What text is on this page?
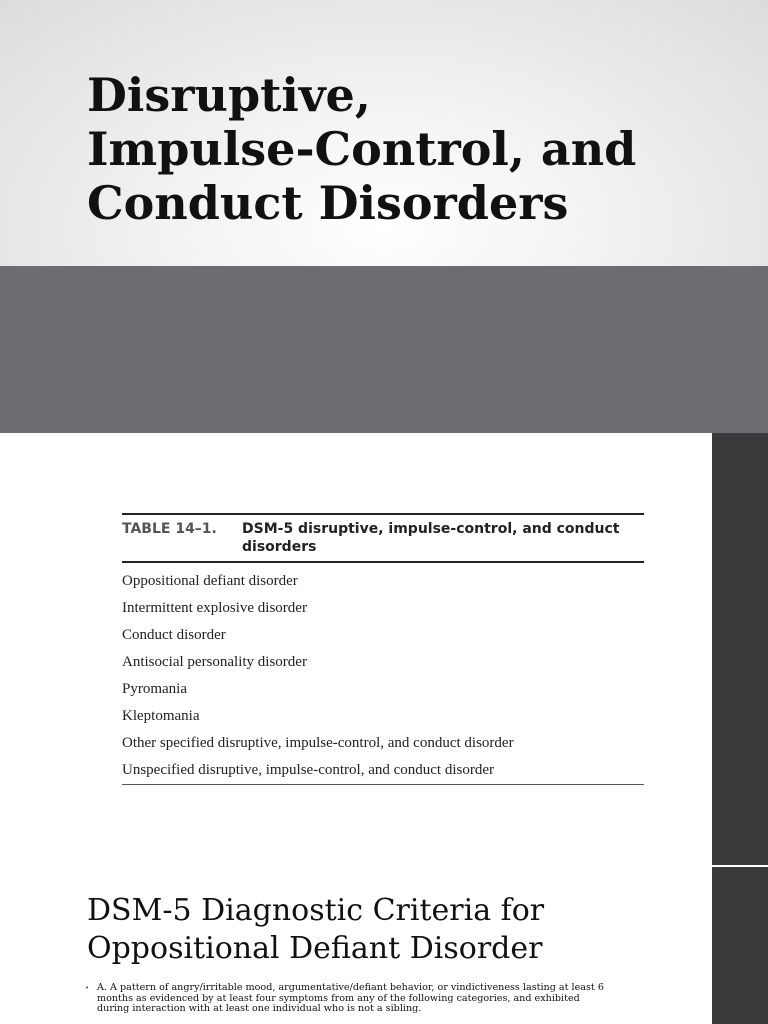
Disruptive,
Impulse-Control, and
Conduct Disorders
TABLE 14–1.	DSM-5 disruptive, impulse-control, and conduct disorders
Oppositional defiant disorder
Intermittent explosive disorder
Conduct disorder
Antisocial personality disorder
Pyromania
Kleptomania
Other specified disruptive, impulse-control, and conduct disorder
Unspecified disruptive, impulse-control, and conduct disorder
DSM-5 Diagnostic Criteria for
Oppositional Defiant Disorder
• A. A pattern of angry/irritable mood, argumentative/defiant behavior, or vindictiveness lasting at least 6 months as evidenced by at least four symptoms from any of the following categories, and exhibited during interaction with at least one individual who is not a sibling.
